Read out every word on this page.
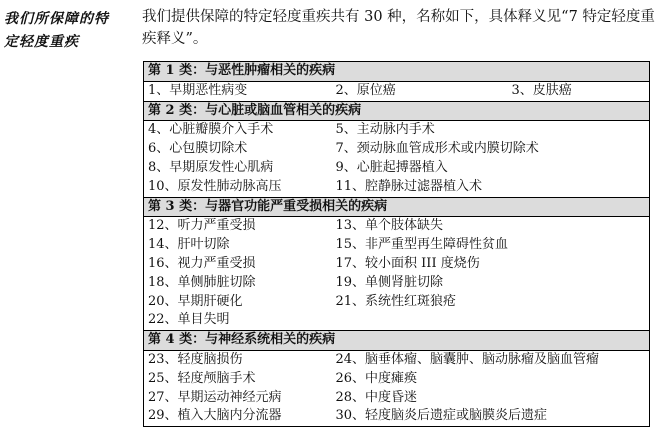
我们所保障的特
定轻度重疾

我们提供保障的特定轻度重疾共有 30 种，名称如下，具体释义见“7 特定轻度重疾释义”。

第 1 类：与恶性肿瘤相关的疾病		
1、早期恶性病变	2、原位癌	3、皮肤癌
第 2 类：与心脏或脑血管相关的疾病		
4、心脏瓣膜介入手术	5、主动脉内手术	
6、心包膜切除术	7、颈动脉血管成形术或内膜切除术	
8、早期原发性心肌病	9、心脏起搏器植入	
10、原发性肺动脉高压	11、腔静脉过滤器植入术	
第 3 类：与器官功能严重受损相关的疾病		
12、听力严重受损	13、单个肢体缺失	
14、肝叶切除	15、非严重型再生障碍性贫血	
16、视力严重受损	17、较小面积 III 度烧伤	
18、单侧肺脏切除	19、单侧肾脏切除	
20、早期肝硬化	21、系统性红斑狼疮	
22、单目失明		
第 4 类：与神经系统相关的疾病		
23、轻度脑损伤	24、脑垂体瘤、脑囊肿、脑动脉瘤及脑血管瘤	
25、轻度颅脑手术	26、中度瘫痪	
27、早期运动神经元病	28、中度昏迷	
29、植入大脑内分流器	30、轻度脑炎后遗症或脑膜炎后遗症	
